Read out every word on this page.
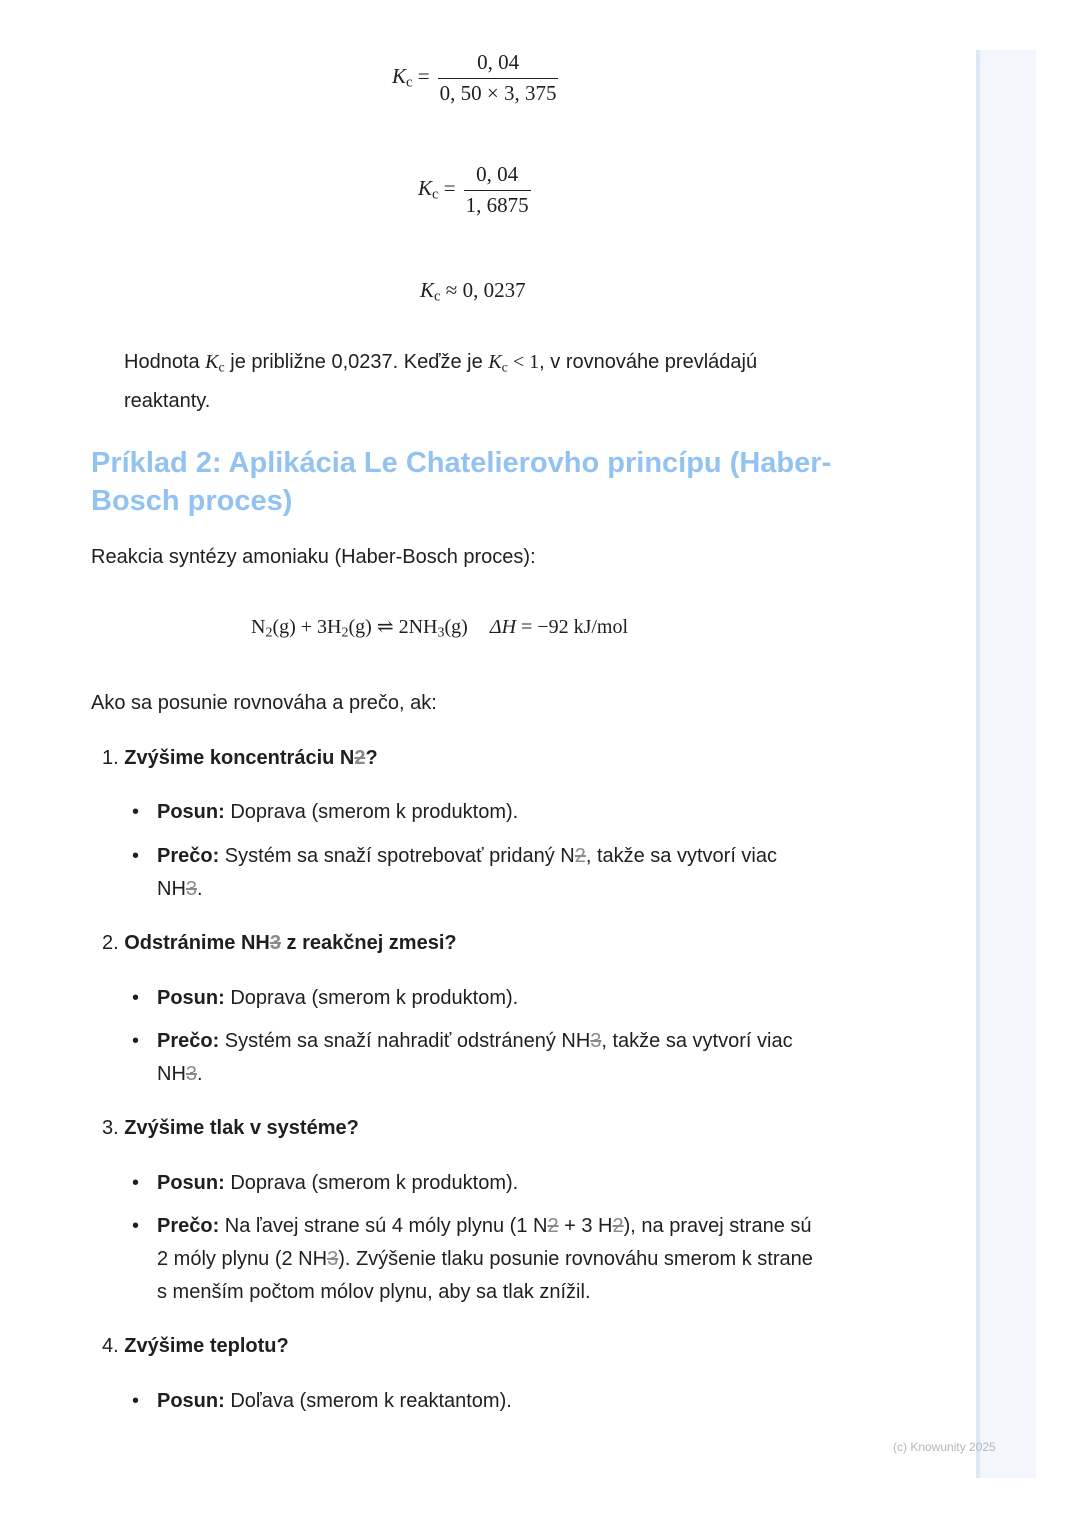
$K_c = \frac{0, 04}{0, 50 \times 3, 375}$
$K_c = \frac{0, 04}{1, 6875}$
$K_c \approx 0$, 0237
Hodnota $K_c$ je približne 0,0237. Keďže je $K_c < 1$, v rovnováhe prevládajú reaktanty.
Príklad 2: Aplikácia Le Chatelierovho princípu (Haber-Bosch proces)
Reakcia syntézy amoniaku (Haber-Bosch proces):
$N_2(g) + 3H_2(g)$ ⇌ $2NH_3(g) \Delta H = -92$ kJ/mol
Ako sa posunie rovnováha a prečo, ak:
1. Zvýšime koncentráciu N2?
• Posun: Doprava (smerom k produktom).
• Prečo: Systém sa snaží spotrebovať pridaný N2, takže sa vytvorí viac NH3.
2. Odstránime NH3 z reakčnej zmesi?
• Posun: Doprava (smerom k produktom).
• Prečo: Systém sa snaží nahradiť odstránený NH3, takže sa vytvorí viac NH3.
3. Zvýšime tlak v systéme?
• Posun: Doprava (smerom k produktom).
• Prečo: Na ľavej strane sú 4 móly plynu (1 N2 + 3 H2), na pravej strane sú 2 móly plynu (2 NH3). Zvýšenie tlaku posunie rovnováhu smerom k strane s menším počtom mólov plynu, aby sa tlak znížil.
4. Zvýšime teplotu?
• Posun: Doľava (smerom k reaktantom).
(c) Knowunity 2025
